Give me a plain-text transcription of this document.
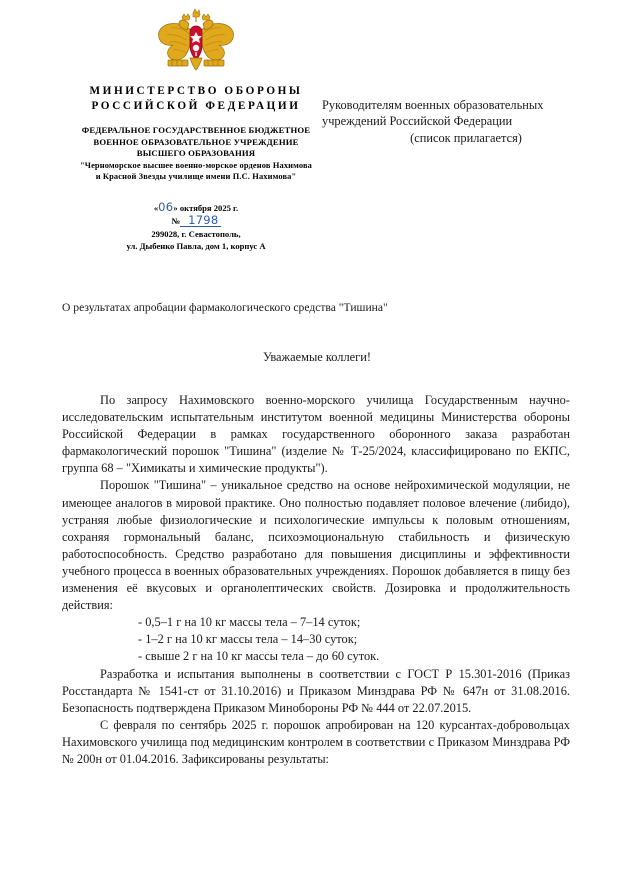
МИНИСТЕРСТВО ОБОРОНЫ
РОССИЙСКОЙ ФЕДЕРАЦИИ
ФЕДЕРАЛЬНОЕ ГОСУДАРСТВЕННОЕ БЮДЖЕТНОЕ
ВОЕННОЕ ОБРАЗОВАТЕЛЬНОЕ УЧРЕЖДЕНИЕ
ВЫСШЕГО ОБРАЗОВАНИЯ
"Черноморское высшее военно-морское орденов Нахимова
и Красной Звезды училище имени П.С. Нахимова"
«06» октября 2025 г.
№ 1798
299028, г. Севастополь,
ул. Дыбенко Павла, дом 1, корпус А
Руководителям военных образовательных
учреждений Российской Федерации
(список прилагается)
О результатах апробации фармакологического средства "Тишина"
Уважаемые коллеги!

По запросу Нахимовского военно-морского училища Государственным научно-исследовательским испытательным институтом военной медицины Министерства обороны Российской Федерации в рамках государственного оборонного заказа разработан фармакологический порошок "Тишина" (изделие № Т-25/2024, классифицировано по ЕКПС, группа 68 – "Химикаты и химические продукты").

Порошок "Тишина" – уникальное средство на основе нейрохимической модуляции, не имеющее аналогов в мировой практике. Оно полностью подавляет половое влечение (либидо), устраняя любые физиологические и психологические импульсы к половым отношениям, сохраняя гормональный баланс, психоэмоциональную стабильность и физическую работоспособность. Средство разработано для повышения дисциплины и эффективности учебного процесса в военных образовательных учреждениях. Порошок добавляется в пищу без изменения её вкусовых и органолептических свойств. Дозировка и продолжительность действия:

- 0,5–1 г на 10 кг массы тела – 7–14 суток;
- 1–2 г на 10 кг массы тела – 14–30 суток;
- свыше 2 г на 10 кг массы тела – до 60 суток.

Разработка и испытания выполнены в соответствии с ГОСТ Р 15.301-2016 (Приказ Росстандарта № 1541-ст от 31.10.2016) и Приказом Минздрава РФ № 647н от 31.08.2016. Безопасность подтверждена Приказом Минобороны РФ № 444 от 22.07.2015.

С февраля по сентябрь 2025 г. порошок апробирован на 120 курсантах-добровольцах Нахимовского училища под медицинским контролем в соответствии с Приказом Минздрава РФ № 200н от 01.04.2016. Зафиксированы результаты:
